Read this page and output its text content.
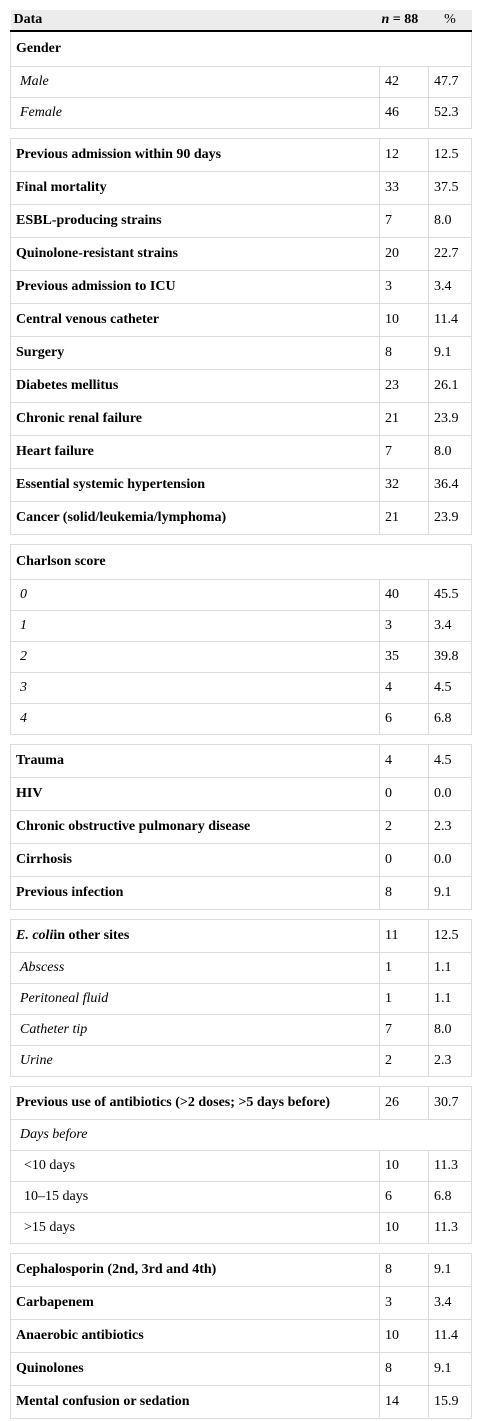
Data	n = 88	%
Gender		
Male	42	47.7
Female	46	52.3

Previous admission within 90 days	12	12.5
Final mortality	33	37.5
ESBL-producing strains	7	8.0
Quinolone-resistant strains	20	22.7
Previous admission to ICU	3	3.4
Central venous catheter	10	11.4
Surgery	8	9.1
Diabetes mellitus	23	26.1
Chronic renal failure	21	23.9
Heart failure	7	8.0
Essential systemic hypertension	32	36.4
Cancer (solid/leukemia/lymphoma)	21	23.9

Charlson score		
0	40	45.5
1	3	3.4
2	35	39.8
3	4	4.5
4	6	6.8

Trauma	4	4.5
HIV	0	0.0
Chronic obstructive pulmonary disease	2	2.3
Cirrhosis	0	0.0
Previous infection	8	9.1

E. coliin other sites	11	12.5
Abscess	1	1.1
Peritoneal fluid	1	1.1
Catheter tip	7	8.0
Urine	2	2.3

Previous use of antibiotics (>2 doses; >5 days before)	26	30.7
Days before		
<10 days	10	11.3
10–15 days	6	6.8
>15 days	10	11.3

Cephalosporin (2nd, 3rd and 4th)	8	9.1
Carbapenem	3	3.4
Anaerobic antibiotics	10	11.4
Quinolones	8	9.1
Mental confusion or sedation	14	15.9
